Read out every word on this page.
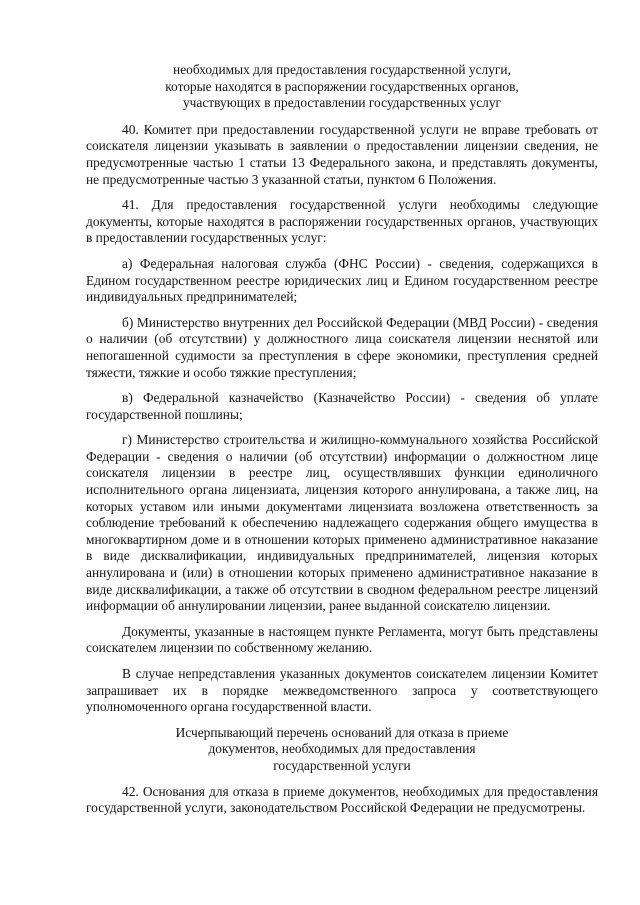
необходимых для предоставления государственной услуги,
которые находятся в распоряжении государственных органов,
участвующих в предоставлении государственных услуг

40. Комитет при предоставлении государственной услуги не вправе требовать от соискателя лицензии указывать в заявлении о предоставлении лицензии сведения, не предусмотренные частью 1 статьи 13 Федерального закона, и представлять документы, не предусмотренные частью 3 указанной статьи, пунктом 6 Положения.

41. Для предоставления государственной услуги необходимы следующие документы, которые находятся в распоряжении государственных органов, участвующих в предоставлении государственных услуг:

а) Федеральная налоговая служба (ФНС России) - сведения, содержащихся в Едином государственном реестре юридических лиц и Едином государственном реестре индивидуальных предпринимателей;

б) Министерство внутренних дел Российской Федерации (МВД России) - сведения о наличии (об отсутствии) у должностного лица соискателя лицензии неснятой или непогашенной судимости за преступления в сфере экономики, преступления средней тяжести, тяжкие и особо тяжкие преступления;

в) Федеральной казначейство (Казначейство России) - сведения об уплате государственной пошлины;

г) Министерство строительства и жилищно-коммунального хозяйства Российской Федерации - сведения о наличии (об отсутствии) информации о должностном лице соискателя лицензии в реестре лиц, осуществлявших функции единоличного исполнительного органа лицензиата, лицензия которого аннулирована, а также лиц, на которых уставом или иными документами лицензиата возложена ответственность за соблюдение требований к обеспечению надлежащего содержания общего имущества в многоквартирном доме и в отношении которых применено административное наказание в виде дисквалификации, индивидуальных предпринимателей, лицензия которых аннулирована и (или) в отношении которых применено административное наказание в виде дисквалификации, а также об отсутствии в сводном федеральном реестре лицензий информации об аннулировании лицензии, ранее выданной соискателю лицензии.

Документы, указанные в настоящем пункте Регламента, могут быть представлены соискателем лицензии по собственному желанию.

В случае непредставления указанных документов соискателем лицензии Комитет запрашивает их в порядке межведомственного запроса у соответствующего уполномоченного органа государственной власти.

Исчерпывающий перечень оснований для отказа в приеме
документов, необходимых для предоставления
государственной услуги

42. Основания для отказа в приеме документов, необходимых для предоставления государственной услуги, законодательством Российской Федерации не предусмотрены.
